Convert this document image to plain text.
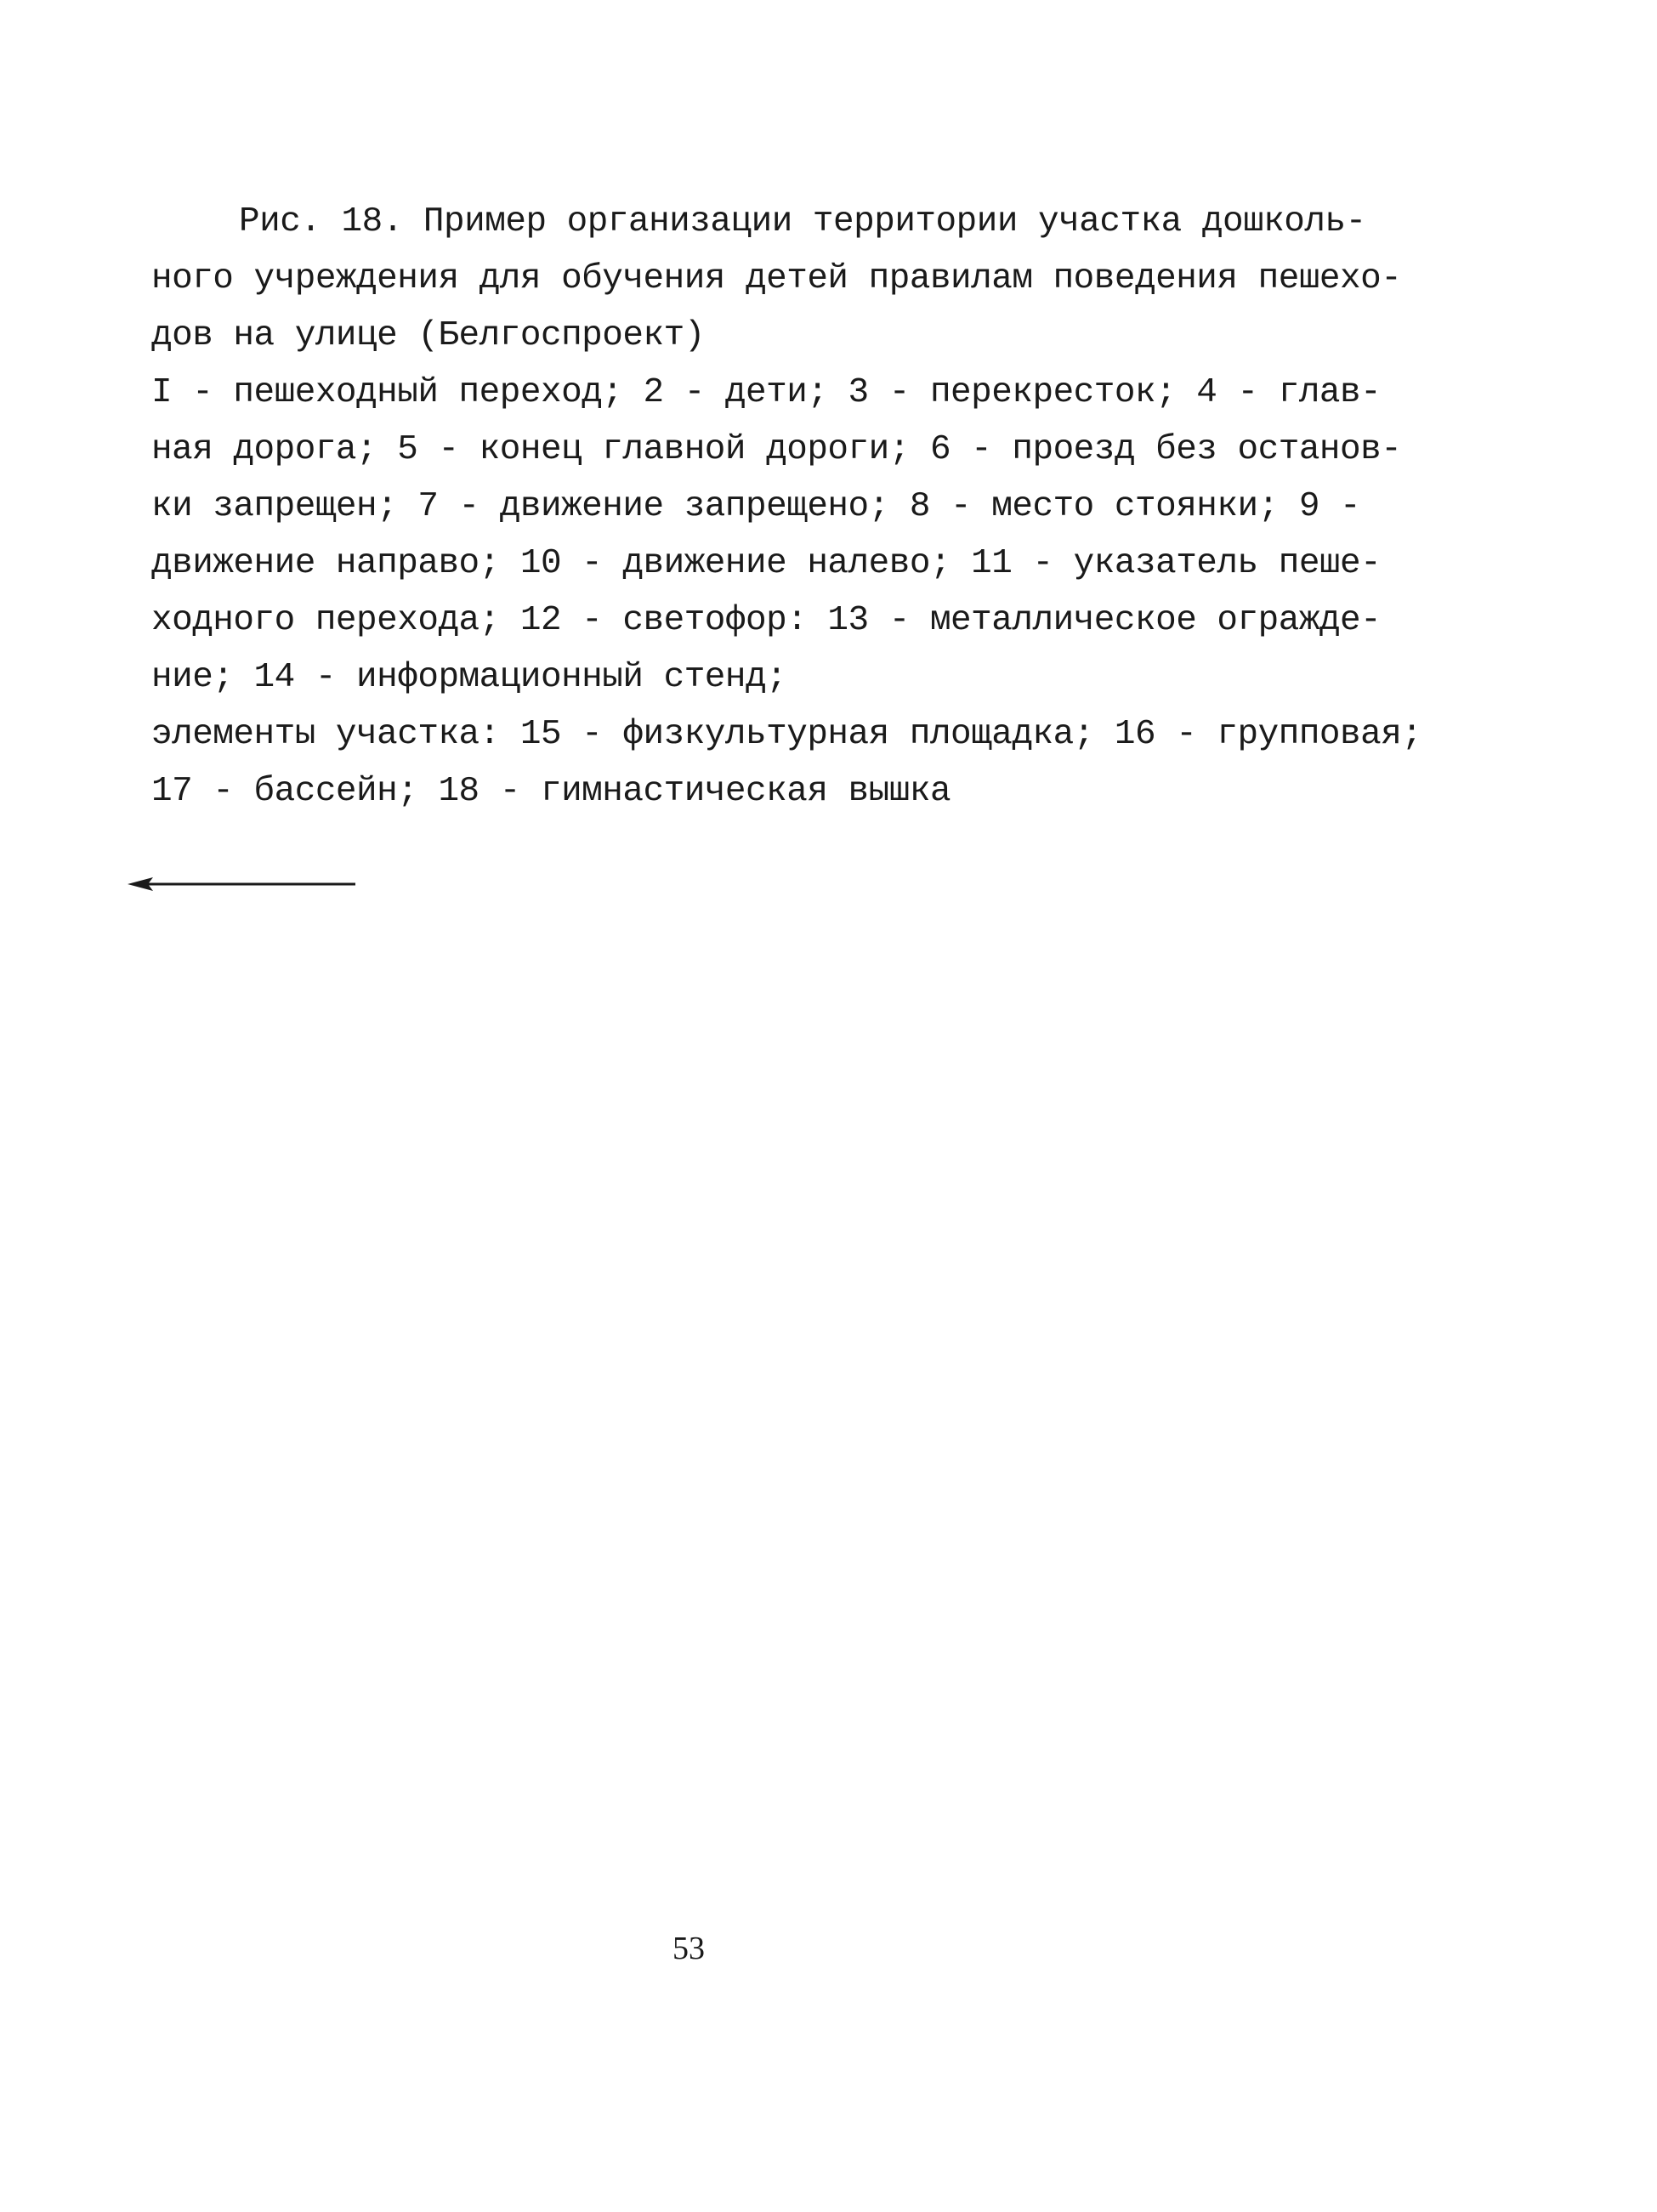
Рис. 18. Пример организации территории участка дошколь-
ного учреждения для обучения детей правилам поведения пешехо-
дов на улице (Белгоспроект)
I - пешеходный переход; 2 - дети; 3 - перекресток; 4 - глав-
ная дорога; 5 - конец главной дороги; 6 - проезд без останов-
ки запрещен; 7 - движение запрещено; 8 - место стоянки; 9 -
движение направо; 10 - движение налево; 11 - указатель пеше-
ходного перехода; 12 - светофор: 13 - металлическое огражде-
ние; 14 - информационный стенд;
элементы участка: 15 - физкультурная площадка; 16 - групповая;
17 - бассейн; 18 - гимнастическая вышка
53
